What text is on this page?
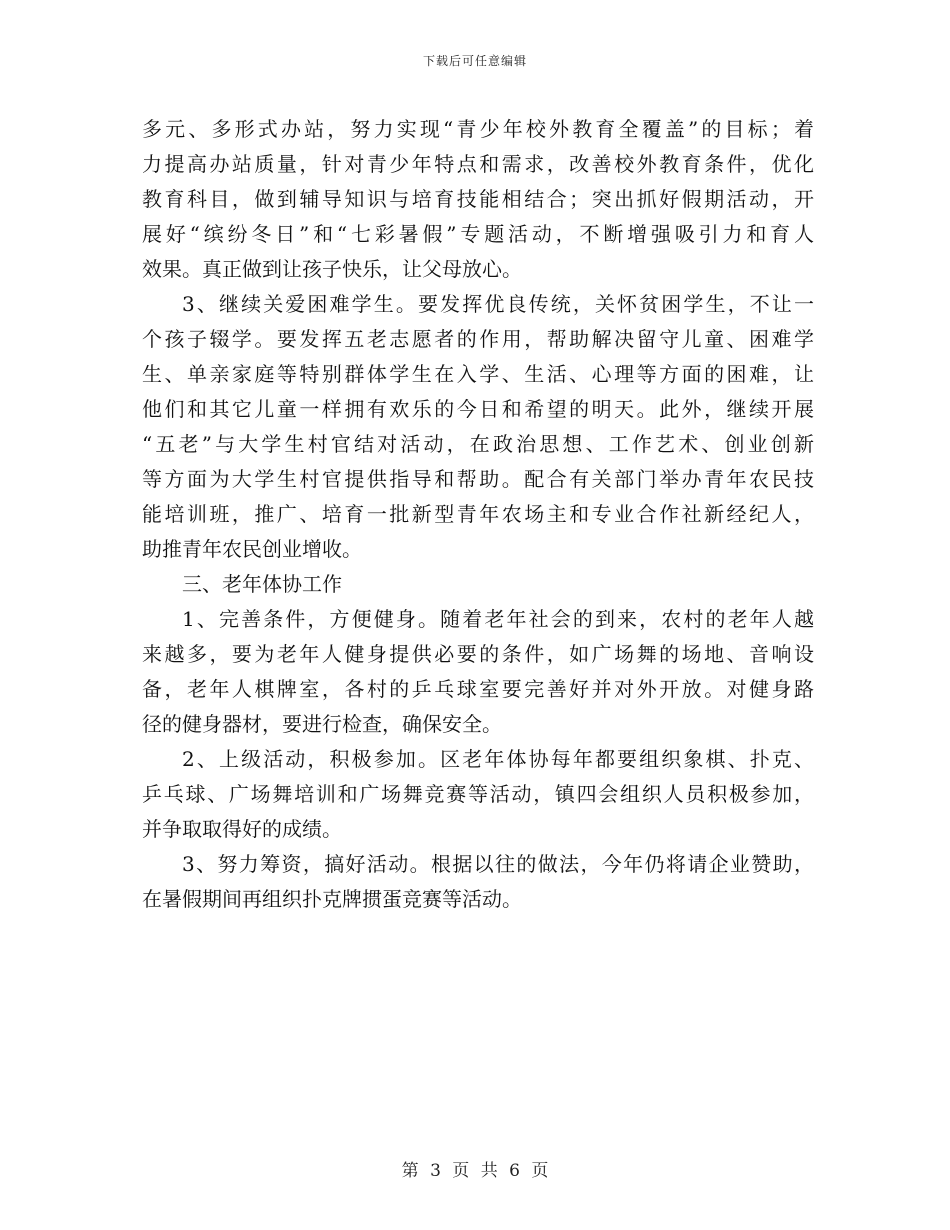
下载后可任意编辑
多元、多形式办站，努力实现“青少年校外教育全覆盖”的目标；着
力提高办站质量，针对青少年特点和需求，改善校外教育条件，优化
教育科目，做到辅导知识与培育技能相结合；突出抓好假期活动，开
展好“缤纷冬日”和“七彩暑假”专题活动，不断增强吸引力和育人
效果。真正做到让孩子快乐，让父母放心。
3、继续关爱困难学生。要发挥优良传统，关怀贫困学生，不让一
个孩子辍学。要发挥五老志愿者的作用，帮助解决留守儿童、困难学
生、单亲家庭等特别群体学生在入学、生活、心理等方面的困难，让
他们和其它儿童一样拥有欢乐的今日和希望的明天。此外，继续开展
“五老”与大学生村官结对活动，在政治思想、工作艺术、创业创新
等方面为大学生村官提供指导和帮助。配合有关部门举办青年农民技
能培训班，推广、培育一批新型青年农场主和专业合作社新经纪人，
助推青年农民创业增收。
三、老年体协工作
1、完善条件，方便健身。随着老年社会的到来，农村的老年人越
来越多，要为老年人健身提供必要的条件，如广场舞的场地、音响设
备，老年人棋牌室，各村的乒乓球室要完善好并对外开放。对健身路
径的健身器材，要进行检查，确保安全。
2、上级活动，积极参加。区老年体协每年都要组织象棋、扑克、
乒乓球、广场舞培训和广场舞竞赛等活动，镇四会组织人员积极参加，
并争取取得好的成绩。
3、努力筹资，搞好活动。根据以往的做法，今年仍将请企业赞助，
在暑假期间再组织扑克牌掼蛋竞赛等活动。
第 3 页 共 6 页
